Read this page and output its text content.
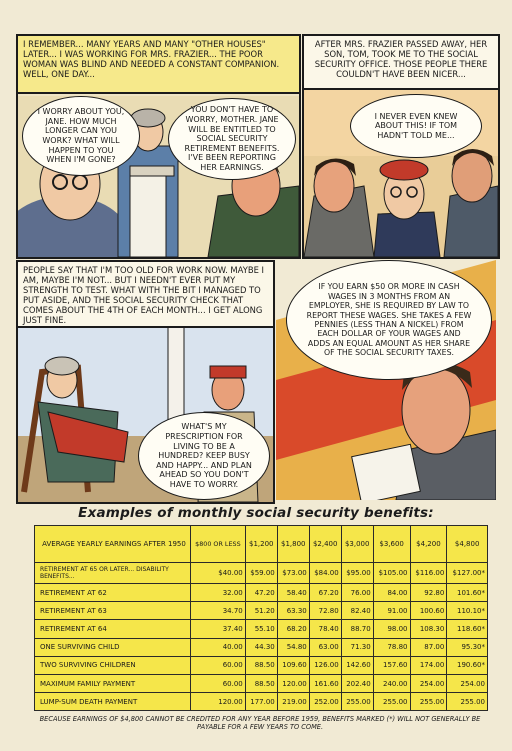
I REMEMBER... MANY YEARS AND MANY "OTHER HOUSES" LATER... I WAS WORKING FOR MRS. FRAZIER... THE POOR WOMAN WAS BLIND AND NEEDED A CONSTANT COMPANION. WELL, ONE DAY...
I WORRY ABOUT YOU, JANE. HOW MUCH LONGER CAN YOU WORK? WHAT WILL HAPPEN TO YOU WHEN I'M GONE?
YOU DON'T HAVE TO WORRY, MOTHER. JANE WILL BE ENTITLED TO SOCIAL SECURITY RETIREMENT BENEFITS. I'VE BEEN REPORTING HER EARNINGS.
AFTER MRS. FRAZIER PASSED AWAY, HER SON, TOM, TOOK ME TO THE SOCIAL SECURITY OFFICE. THOSE PEOPLE THERE COULDN'T HAVE BEEN NICER...
I NEVER EVEN KNEW ABOUT THIS! IF TOM HADN'T TOLD ME...
PEOPLE SAY THAT I'M TOO OLD FOR WORK NOW. MAYBE I AM, MAYBE I'M NOT... BUT I NEEDN'T EVER PUT MY STRENGTH TO TEST. WHAT WITH THE BIT I MANAGED TO PUT ASIDE, AND THE SOCIAL SECURITY CHECK THAT COMES ABOUT THE 4TH OF EACH MONTH... I GET ALONG JUST FINE.
WHAT'S MY PRESCRIPTION FOR LIVING TO BE A HUNDRED? KEEP BUSY AND HAPPY... AND PLAN AHEAD SO YOU DON'T HAVE TO WORRY.
IF YOU EARN $50 OR MORE IN CASH WAGES IN 3 MONTHS FROM AN EMPLOYER, SHE IS REQUIRED BY LAW TO REPORT THESE WAGES. SHE TAKES A FEW PENNIES (LESS THAN A NICKEL) FROM EACH DOLLAR OF YOUR WAGES AND ADDS AN EQUAL AMOUNT AS HER SHARE OF THE SOCIAL SECURITY TAXES.
Examples of monthly social security benefits:
AVERAGE YEARLY EARNINGS AFTER 1950	$800 OR LESS	$1,200	$1,800	$2,400	$3,000	$3,600	$4,200	$4,800
RETIREMENT AT 65 OR LATER... DISABILITY BENEFITS...	$40.00	$59.00	$73.00	$84.00	$95.00	$105.00	$116.00	$127.00*
RETIREMENT AT 62	32.00	47.20	58.40	67.20	76.00	84.00	92.80	101.60*
RETIREMENT AT 63	34.70	51.20	63.30	72.80	82.40	91.00	100.60	110.10*
RETIREMENT AT 64	37.40	55.10	68.20	78.40	88.70	98.00	108.30	118.60*
ONE SURVIVING CHILD	40.00	44.30	54.80	63.00	71.30	78.80	87.00	95.30*
TWO SURVIVING CHILDREN	60.00	88.50	109.60	126.00	142.60	157.60	174.00	190.60*
MAXIMUM FAMILY PAYMENT	60.00	88.50	120.00	161.60	202.40	240.00	254.00	254.00
LUMP-SUM DEATH PAYMENT	120.00	177.00	219.00	252.00	255.00	255.00	255.00	255.00
BECAUSE EARNINGS OF $4,800 CANNOT BE CREDITED FOR ANY YEAR BEFORE 1959, BENEFITS MARKED (*) WILL NOT GENERALLY BE PAYABLE FOR A FEW YEARS TO COME.
